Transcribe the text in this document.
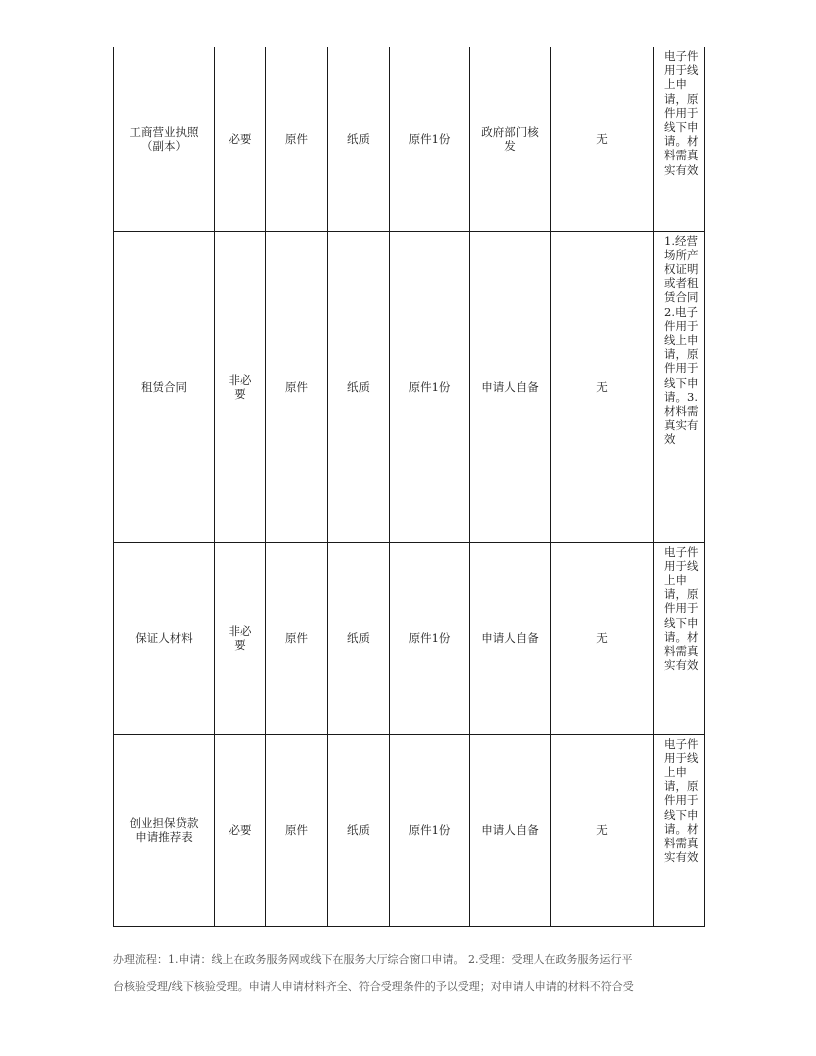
工商营业执照（副本）	必要	原件	纸质	原件1份	政府部门核发	无	电子件用于线上申请，原件用于线下申请。材料需真实有效

租赁合同	非必要	原件	纸质	原件1份	申请人自备	无	1.经营场所产权证明或者租赁合同2.电子件用于线上申请，原件用于线下申请。3.材料需真实有效

保证人材料	非必要	原件	纸质	原件1份	申请人自备	无	电子件用于线上申请，原件用于线下申请。材料需真实有效

创业担保贷款申请推荐表	必要	原件	纸质	原件1份	申请人自备	无	电子件用于线上申请，原件用于线下申请。材料需真实有效

办理流程：1.申请：线上在政务服务网或线下在服务大厅综合窗口申请。 2.受理：受理人在政务服务运行平

台核验受理/线下核验受理。申请人申请材料齐全、符合受理条件的予以受理；对申请人申请的材料不符合受
